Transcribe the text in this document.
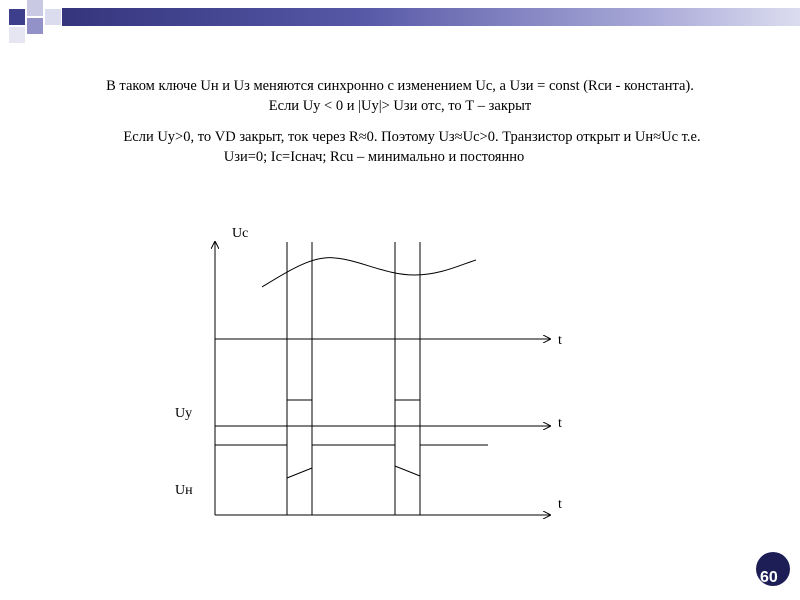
В таком ключе Uн и Uз меняются синхронно с изменением Uc, а Uзи = const (Rси - константа).
Если Uy < 0 и |Uy|> Uзи отс, то Т – закрыт
Если Uy>0, то VD закрыт, ток через R≈0. Поэтому Uз≈Uc>0. Транзистор открыт и Uн≈Uc т.е.
Uзи=0; Ic=Icнач; Rcu – минимально и постоянно
Uc
Uy
Uн
t
t
t
60
